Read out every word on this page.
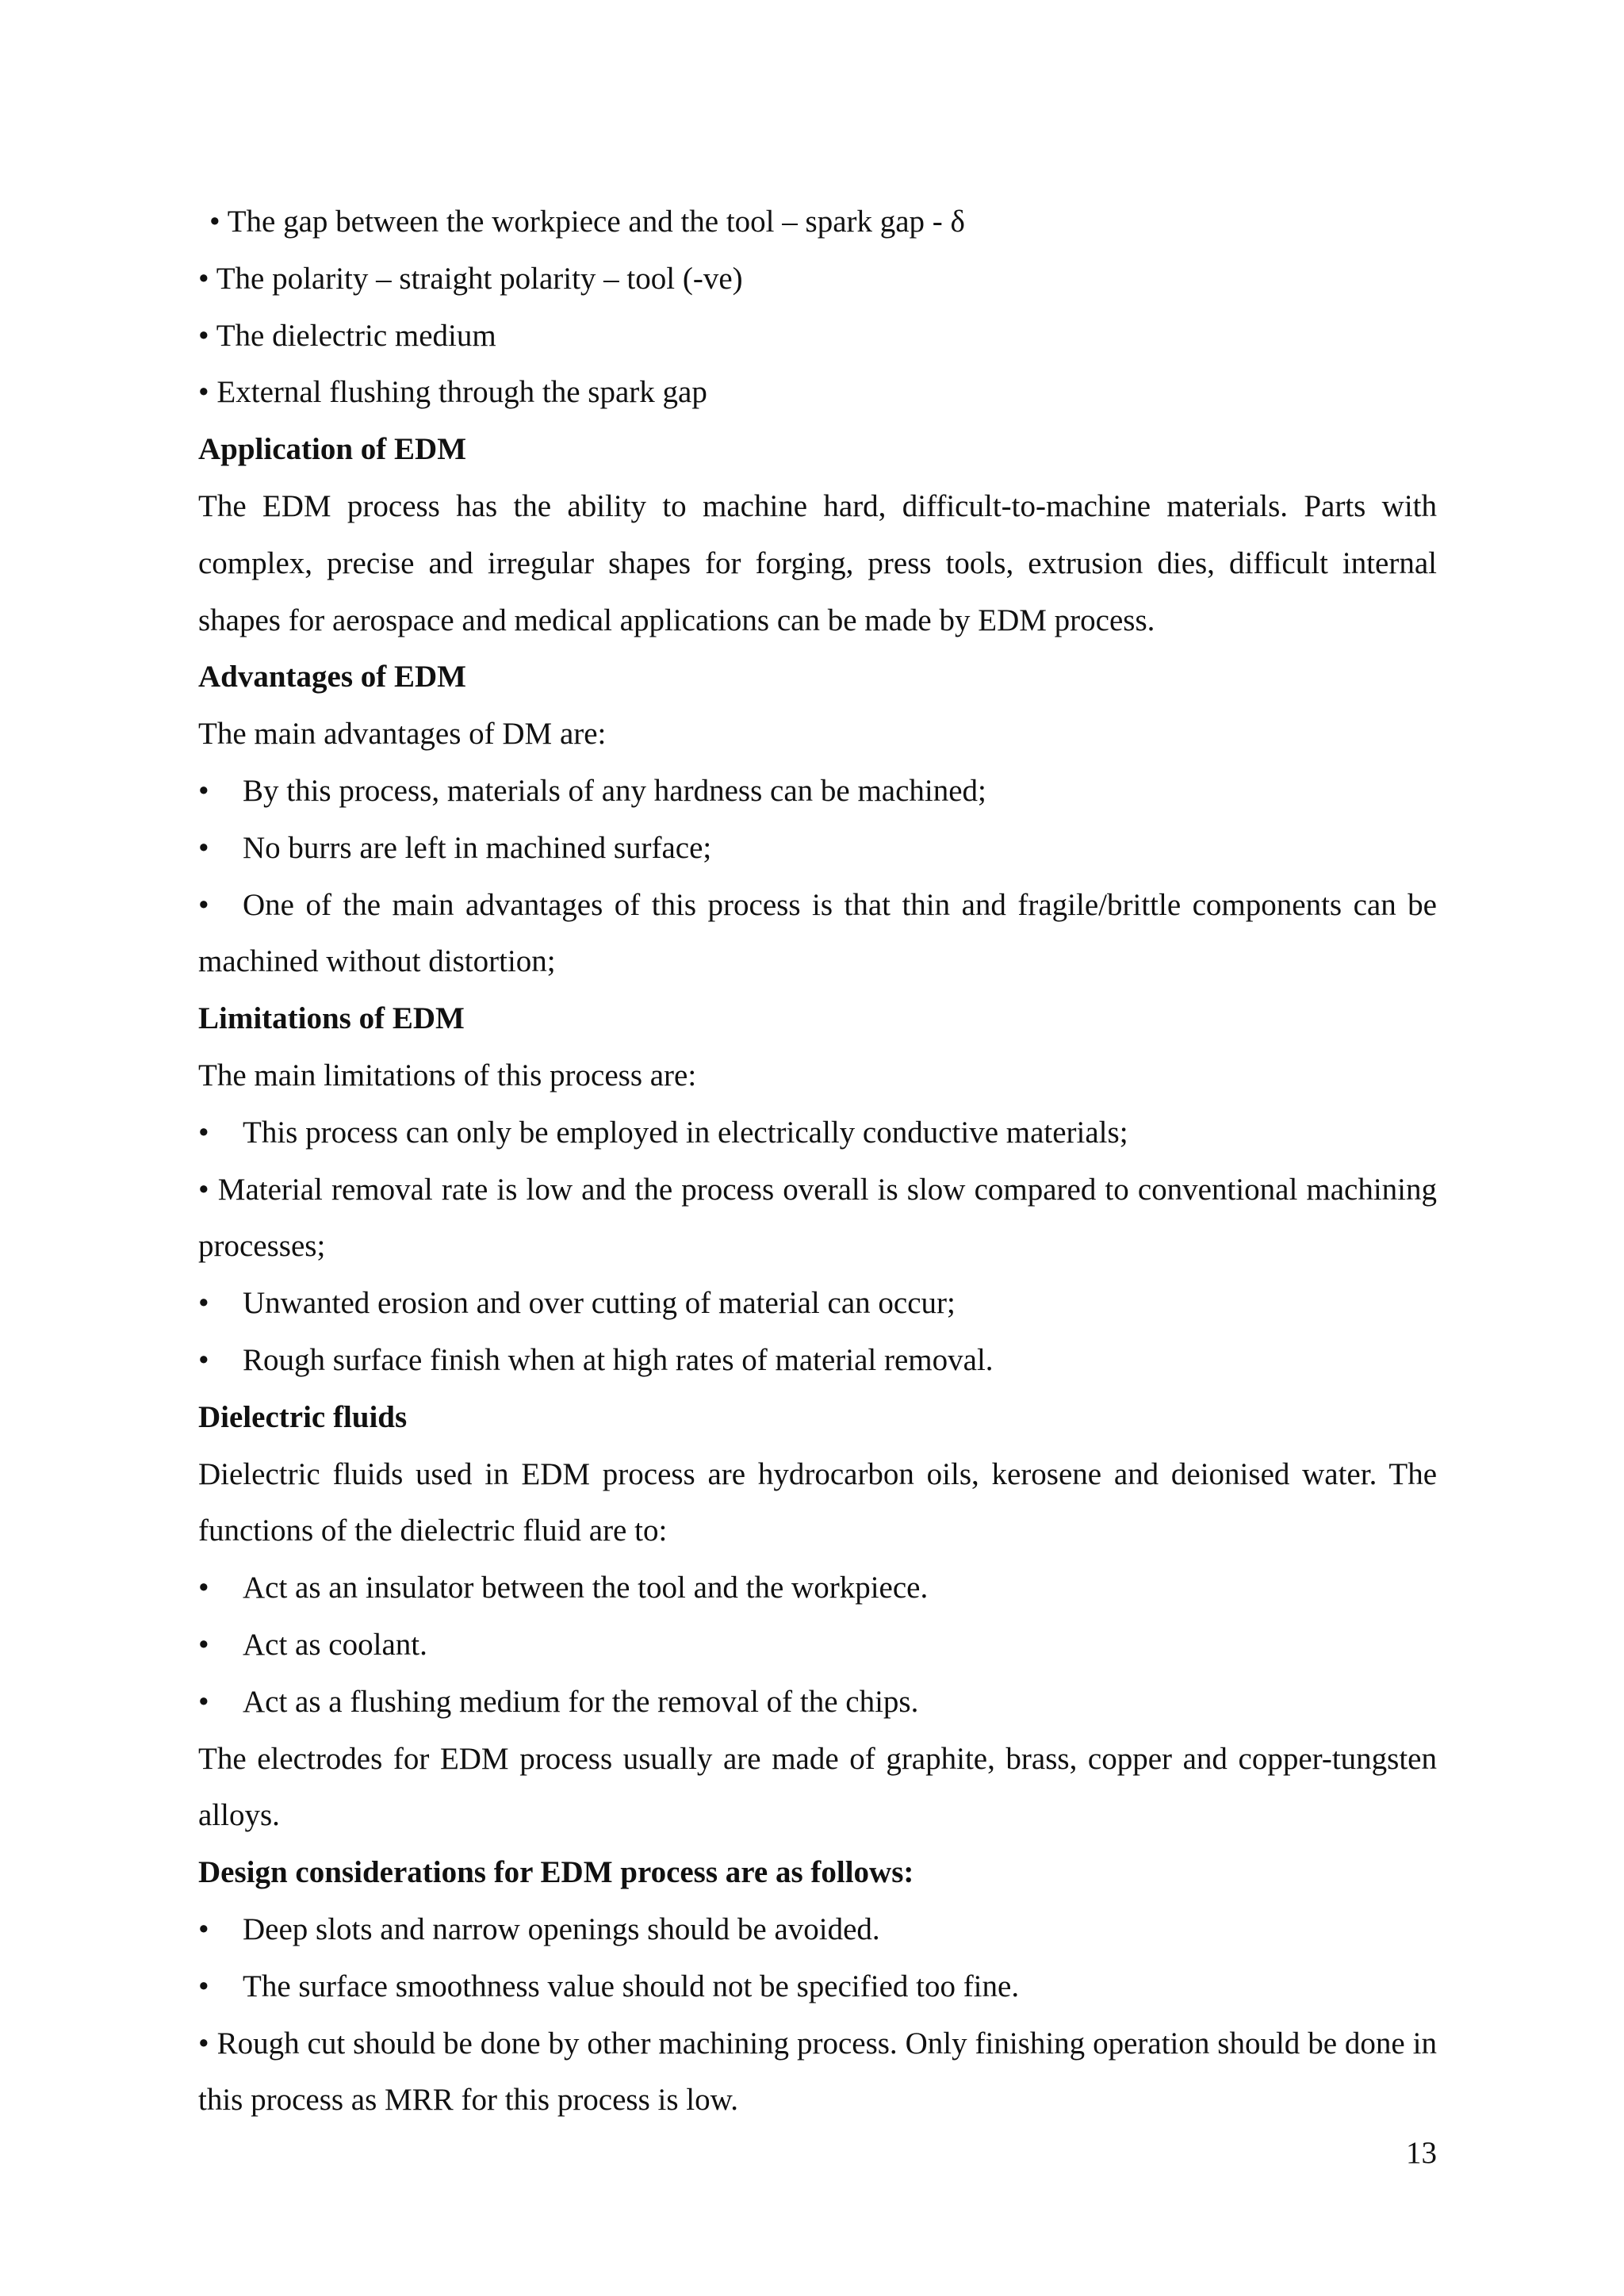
• The gap between the workpiece and the tool – spark gap - δ
• The polarity – straight polarity – tool (-ve)
• The dielectric medium
• External flushing through the spark gap
Application of EDM
The EDM process has the ability to machine hard, difficult-to-machine materials. Parts with complex, precise and irregular shapes for forging, press tools, extrusion dies, difficult internal shapes for aerospace and medical applications can be made by EDM process.
Advantages of EDM
The main advantages of DM are:
• By this process, materials of any hardness can be machined;
• No burrs are left in machined surface;
• One of the main advantages of this process is that thin and fragile/brittle components can be machined without distortion;
Limitations of EDM
The main limitations of this process are:
• This process can only be employed in electrically conductive materials;
• Material removal rate is low and the process overall is slow compared to conventional machining processes;
• Unwanted erosion and over cutting of material can occur;
• Rough surface finish when at high rates of material removal.
Dielectric fluids
Dielectric fluids used in EDM process are hydrocarbon oils, kerosene and deionised water. The functions of the dielectric fluid are to:
• Act as an insulator between the tool and the workpiece.
• Act as coolant.
• Act as a flushing medium for the removal of the chips.
The electrodes for EDM process usually are made of graphite, brass, copper and copper-tungsten alloys.
Design considerations for EDM process are as follows:
• Deep slots and narrow openings should be avoided.
• The surface smoothness value should not be specified too fine.
• Rough cut should be done by other machining process. Only finishing operation should be done in this process as MRR for this process is low.
13
